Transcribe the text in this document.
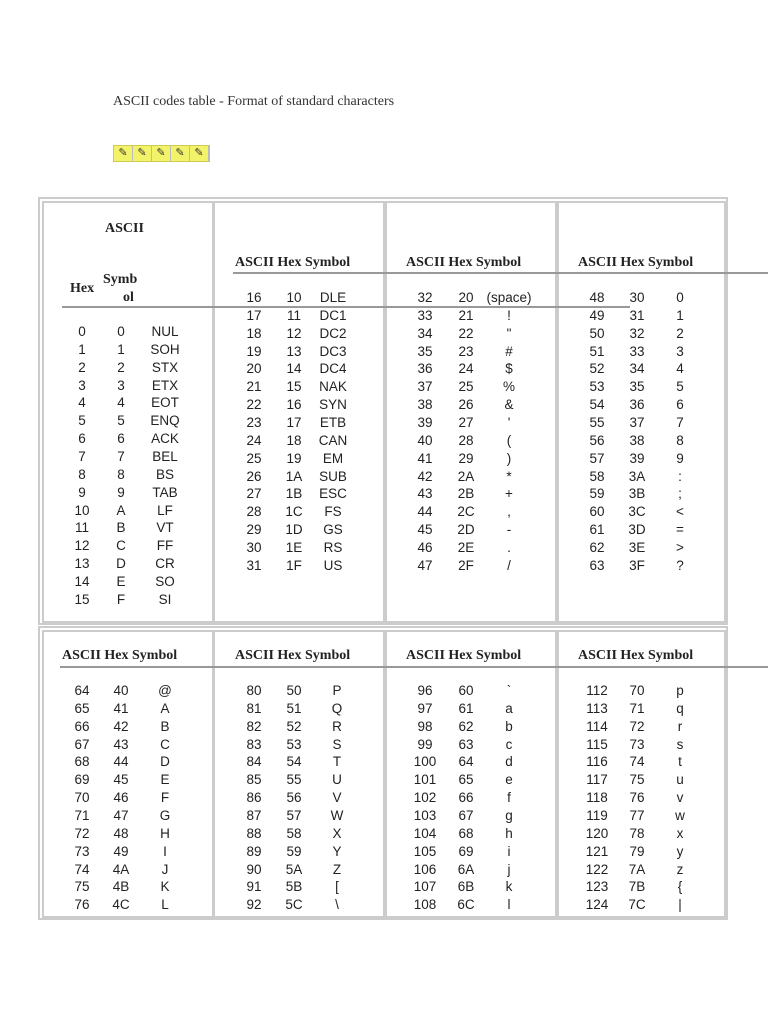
ASCII codes table - Format of standard characters
✎ ✎ ✎ ✎ ✎
ASCII
Hex
Symb
ol
ASCII Hex Symbol	ASCII Hex Symbol	ASCII Hex Symbol
ASCII Hex Symbol	ASCII Hex Symbol	ASCII Hex Symbol	ASCII Hex Symbol
0	0	NUL
1	1	SOH
2	2	STX
3	3	ETX
4	4	EOT
5	5	ENQ
6	6	ACK
7	7	BEL
8	8	BS
9	9	TAB
10	A	LF
11	B	VT
12	C	FF
13	D	CR
14	E	SO
15	F	SI
16	10	DLE
17	11	DC1
18	12	DC2
19	13	DC3
20	14	DC4
21	15	NAK
22	16	SYN
23	17	ETB
24	18	CAN
25	19	EM
26	1A	SUB
27	1B	ESC
28	1C	FS
29	1D	GS
30	1E	RS
31	1F	US
32	20 (space)
33	21	!
34	22	"
35	23	#
36	24	$
37	25	%
38	26	&
39	27	'
40	28	(
41	29	)
42	2A	*
43	2B	+
44	2C	,
45	2D	-
46	2E	.
47	2F	/
48	30	0
49	31	1
50	32	2
51	33	3
52	34	4
53	35	5
54	36	6
55	37	7
56	38	8
57	39	9
58	3A	:
59	3B	;
60	3C	<
61	3D	=
62	3E	>
63	3F	?
64	40	@
65	41	A
66	42	B
67	43	C
68	44	D
69	45	E
70	46	F
71	47	G
72	48	H
73	49	I
74	4A	J
75	4B	K
76	4C	L
80	50	P
81	51	Q
82	52	R
83	53	S
84	54	T
85	55	U
86	56	V
87	57	W
88	58	X
89	59	Y
90	5A	Z
91	5B	[
92	5C	\
96	60	`
97	61	a
98	62	b
99	63	c
100	64	d
101	65	e
102	66	f
103	67	g
104	68	h
105	69	i
106	6A	j
107	6B	k
108	6C	l
112	70	p
113	71	q
114	72	r
115	73	s
116	74	t
117	75	u
118	76	v
119	77	w
120	78	x
121	79	y
122	7A	z
123	7B	{
124	7C	|
